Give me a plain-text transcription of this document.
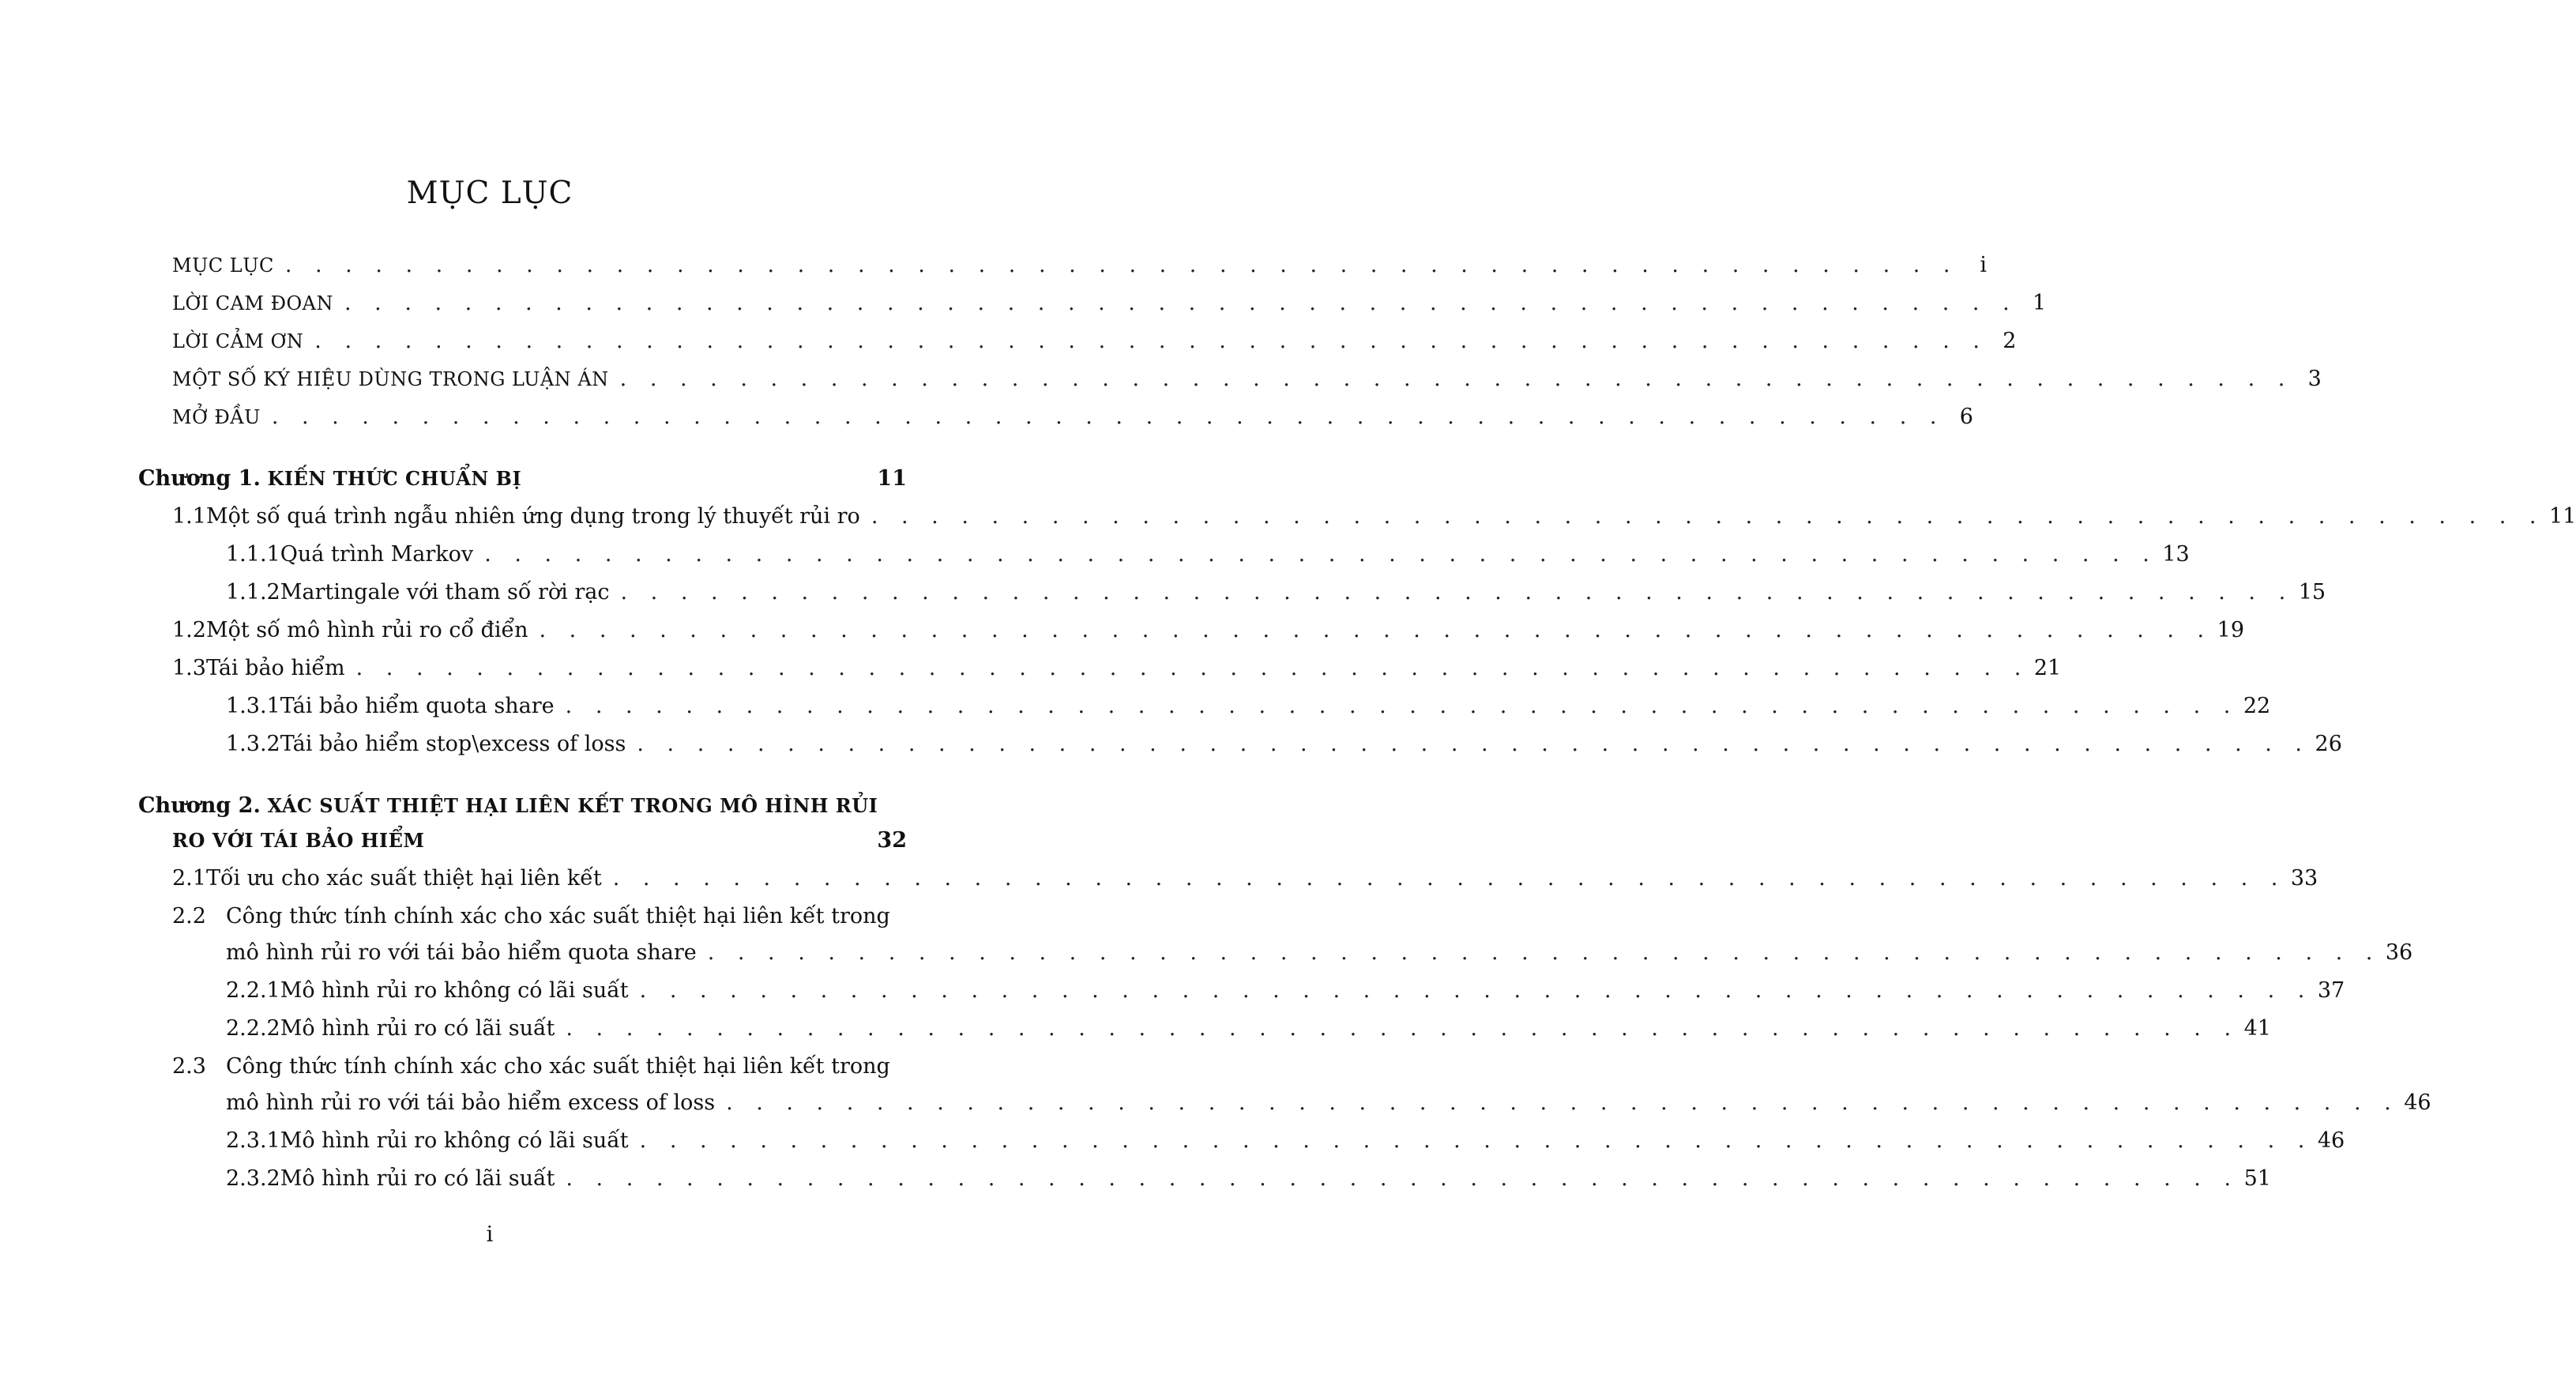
MỤC LỤC
MỤC LỤC . . . . . . . . . . . . . . . . . . . . . . . . . . . . . . . . . . . . . . . . . . . . . . . . . . . . . . . .	i
LỜI CAM ĐOAN . . . . . . . . . . . . . . . . . . . . . . . . . . . . . . . . . . . . . . . . . . . . . . . . . . . . . . . . 1
LỜI CẢM ƠN . . . . . . . . . . . . . . . . . . . . . . . . . . . . . . . . . . . . . . . . . . . . . . . . . . . . . . . . 2
MỘT SỐ KÝ HIỆU DÙNG TRONG LUẬN ÁN . . . . . . . . . . . . . . . . . . . . . . . . . . . . . . . . . . . . . . . . . . . . . . . . . . . . . . . . 3
MỞ ĐẦU . . . . . . . . . . . . . . . . . . . . . . . . . . . . . . . . . . . . . . . . . . . . . . . . . . . . . . . . 6
Chương 1. KIẾN THỨC CHUẨN BỊ	11
1.1 Một số quá trình ngẫu nhiên ứng dụng trong lý thuyết rủi ro . . . . . . . . . . . . . . . . . . . . . . . . . . . . . . . . . . . . . . . . . . . . . . . . . . . . . . . . 11
1.1.1 Quá trình Markov . . . . . . . . . . . . . . . . . . . . . . . . . . . . . . . . . . . . . . . . . . . . . . . . . . . . . . . . 13
1.1.2 Martingale với tham số rời rạc . . . . . . . . . . . . . . . . . . . . . . . . . . . . . . . . . . . . . . . . . . . . . . . . . . . . . . . . 15
1.2 Một số mô hình rủi ro cổ điển . . . . . . . . . . . . . . . . . . . . . . . . . . . . . . . . . . . . . . . . . . . . . . . . . . . . . . . . 19
1.3 Tái bảo hiểm . . . . . . . . . . . . . . . . . . . . . . . . . . . . . . . . . . . . . . . . . . . . . . . . . . . . . . . . 21
1.3.1 Tái bảo hiểm quota share . . . . . . . . . . . . . . . . . . . . . . . . . . . . . . . . . . . . . . . . . . . . . . . . . . . . . . . . 22
1.3.2 Tái bảo hiểm stop\excess of loss . . . . . . . . . . . . . . . . . . . . . . . . . . . . . . . . . . . . . . . . . . . . . . . . . . . . . . . . 26
Chương 2. XÁC SUẤT THIỆT HẠI LIÊN KẾT TRONG MÔ HÌNH RỦI
RO VỚI TÁI BẢO HIỂM	32
2.1 Tối ưu cho xác suất thiệt hại liên kết . . . . . . . . . . . . . . . . . . . . . . . . . . . . . . . . . . . . . . . . . . . . . . . . . . . . . . . . 33
2.2 Công thức tính chính xác cho xác suất thiệt hại liên kết trong
mô hình rủi ro với tái bảo hiểm quota share . . . . . . . . . . . . . . . . . . . . . . . . . . . . . . . . . . . . . . . . . . . . . . . . . . . . . . . . 36
2.2.1 Mô hình rủi ro không có lãi suất . . . . . . . . . . . . . . . . . . . . . . . . . . . . . . . . . . . . . . . . . . . . . . . . . . . . . . . . 37
2.2.2 Mô hình rủi ro có lãi suất . . . . . . . . . . . . . . . . . . . . . . . . . . . . . . . . . . . . . . . . . . . . . . . . . . . . . . . . 41
2.3 Công thức tính chính xác cho xác suất thiệt hại liên kết trong
mô hình rủi ro với tái bảo hiểm excess of loss . . . . . . . . . . . . . . . . . . . . . . . . . . . . . . . . . . . . . . . . . . . . . . . . . . . . . . . . 46
2.3.1 Mô hình rủi ro không có lãi suất . . . . . . . . . . . . . . . . . . . . . . . . . . . . . . . . . . . . . . . . . . . . . . . . . . . . . . . . 46
2.3.2 Mô hình rủi ro có lãi suất . . . . . . . . . . . . . . . . . . . . . . . . . . . . . . . . . . . . . . . . . . . . . . . . . . . . . . . . 51
i
